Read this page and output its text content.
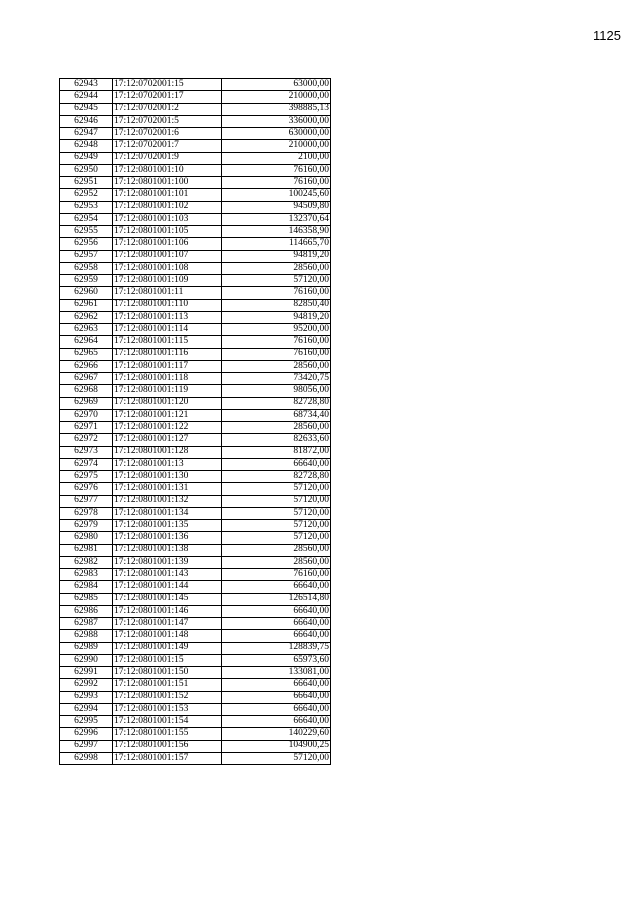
1125
62943	17:12:0702001:15	63000,00
62944	17:12:0702001:17	210000,00
62945	17:12:0702001:2	398885,13
62946	17:12:0702001:5	336000,00
62947	17:12:0702001:6	630000,00
62948	17:12:0702001:7	210000,00
62949	17:12:0702001:9	2100,00
62950	17:12:0801001:10	76160,00
62951	17:12:0801001:100	76160,00
62952	17:12:0801001:101	100245,60
62953	17:12:0801001:102	94509,80
62954	17:12:0801001:103	132370,64
62955	17:12:0801001:105	146358,90
62956	17:12:0801001:106	114665,70
62957	17:12:0801001:107	94819,20
62958	17:12:0801001:108	28560,00
62959	17:12:0801001:109	57120,00
62960	17:12:0801001:11	76160,00
62961	17:12:0801001:110	82850,40
62962	17:12:0801001:113	94819,20
62963	17:12:0801001:114	95200,00
62964	17:12:0801001:115	76160,00
62965	17:12:0801001:116	76160,00
62966	17:12:0801001:117	28560,00
62967	17:12:0801001:118	73420,75
62968	17:12:0801001:119	98056,00
62969	17:12:0801001:120	82728,80
62970	17:12:0801001:121	68734,40
62971	17:12:0801001:122	28560,00
62972	17:12:0801001:127	82633,60
62973	17:12:0801001:128	81872,00
62974	17:12:0801001:13	66640,00
62975	17:12:0801001:130	82728,80
62976	17:12:0801001:131	57120,00
62977	17:12:0801001:132	57120,00
62978	17:12:0801001:134	57120,00
62979	17:12:0801001:135	57120,00
62980	17:12:0801001:136	57120,00
62981	17:12:0801001:138	28560,00
62982	17:12:0801001:139	28560,00
62983	17:12:0801001:143	76160,00
62984	17:12:0801001:144	66640,00
62985	17:12:0801001:145	126514,80
62986	17:12:0801001:146	66640,00
62987	17:12:0801001:147	66640,00
62988	17:12:0801001:148	66640,00
62989	17:12:0801001:149	128839,75
62990	17:12:0801001:15	65973,60
62991	17:12:0801001:150	133081,00
62992	17:12:0801001:151	66640,00
62993	17:12:0801001:152	66640,00
62994	17:12:0801001:153	66640,00
62995	17:12:0801001:154	66640,00
62996	17:12:0801001:155	140229,60
62997	17:12:0801001:156	104900,25
62998	17:12:0801001:157	57120,00
